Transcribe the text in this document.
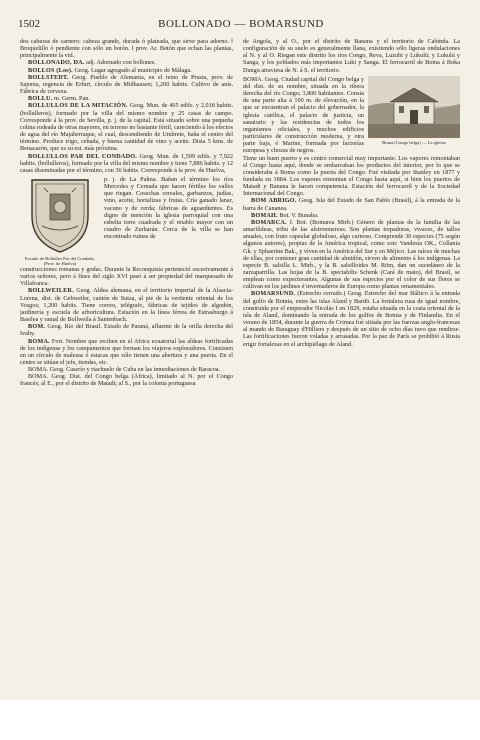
1502	BOLLONADO — BOMARSUND

dos cabezas de carnero: cabeza grande, dorada ó plateada, que sirve para adorno. ‖ Broquelillo ó pendiente con sólo un botón. ‖ prov. Ar. Botón que echan las plantas, principalmente la vid.

BOLLONADO, DA. adj. Adornado con bollones.

BOLLOS (Los). Geog. Lugar agregado al municipio de Málaga.

BOLLSTEDT. Geog. Pueblo de Alemania, en el reino de Prusia, prov. de Sajonia, regencia de Erfurt, círculo de Mülhausen; 1,200 habits. Cultivo de anís. Fábrica de cerveza.

BOLLU. m. Germ. Pan.

BOLLULLOS DE LA MITACIÓN. Geog. Mun. de 405 edifs. y 2,018 habits. (bollulleros), formado por la villa del mismo nombre y 25 casas de campo. Corresponde á la prov. de Sevilla, p. j. de la capital. Está situado sobre una pequeña colina rodeada de otras mayores, en terreno no bastante fértil, careciendo á los efectos de agua del río Majaberraque, el cual, descendiendo de Umbrete, baña el centro del término. Produce trigo, cebada, y buena cantidad de vino y aceite. Dista 5 kms. de Benacazón, que es su est. más próxima.

BOLLULLOS PAR DEL CONDADO. Geog. Mun. de 1,599 edifs. y 7,922 habits. (bollulleros), formado por la villa del mismo nombre y tiene 7,886 habits. y 12 casas diseminadas por el término, con 36 habits. Corresponde á la prov. de Huelva,

Escudo de Bollullos Par del Condado. (Prov. de Huelva)
p. j. de La Palma. Bañan el término los ríos Mercedes y Cernada que hacen fértiles los valles que riegan. Cosechas cereales, garbanzos, judías, vino, aceite, hortalizas y frutas. Cría ganado lanar, vacuno y de cerda; fábricas de aguardientes. Es digno de mención la iglesia parroquial con una esbelta torre cuadrada y el retablo mayor con un cuadro de Zurbarán. Cerca de la villa se han encontrado ruinas de

construcciones romanas y godas. Durante la Reconquista perteneció sucesivamente á varios señores, pero á fines del siglo XVI pasó á ser propiedad del marquesado de Villafranca.

BOLLWEILER. Geog. Aldea alemana, en el territorio imperial de la Alsacia-Lorena, dist. de Gebweiler, cantón de Suiza, al pie de la vertiente oriental de los Vosgos; 1,200 habits. Tiene correo, telégrafo, fábricas de tejidos de algodón, jardinería y escuela de arboricultura. Estación en la línea férrea de Estrasburgo á Basilea y ramal de Bollweila á Santenbach.

BOM. Geog. Río del Brasil. Estado de Paraná, afluente de la orilla derecha del Ivahy.

BOMA. Fort. Nombre que reciben en el Africa ecuatorial las aldeas fortificadas de los indígenas y los campamentos que forman los viajeros exploradores. Consisten en un círculo de malezas ó estacas que sólo tienen una abertura y una puerta. En el centro se sitúan el jefe, tiendas, etc.

BOMA. Geog. Caserío y riachuelo de Cuba en las inmediaciones de Baracoa.

BOMA. Geog. Dist. del Congo belga (Africa), limitado al N. por el Congo francés; al E., por el distrito de Matadi; al S., por la colonia portuguesa

de Angola, y al O., por el distrito de Banana y el territorio de Cabinda. La configuración de su suelo es generalmente llana, existiendo sólo ligeras ondulaciones al N. y al O. Riegan este distrito los ríos Congo, Reva, Luzubi y Lukulú; y Lukulú y Sanga, y los poblados más importantes Luki y Sanga. El ferrocarril de Boma á Boka Dungu atraviesa de N. á S. el territorio.

BOMA. Geog. Ciudad capital del Congo belga y del dist. de su nombre, situada en la ribera derecha del río Congo; 3,800 habitantes. Consta de una parte alta á 100 m. de elevación, en la que se encuentran el palacio del gobernador, la iglesia católica, el palacio de justicia, un sanatorio y las residencias de todos los organismos oficiales, y muchos edificios particulares de construcción moderna, y otra parte baja, ó Marine, formada por factorías europeas y chozas de negros.
Boma (Congo belga) — La iglesia

Tiene un buen puerto y es centro comercial muy importante. Los vapores remontaban el Congo hasta aquí, donde se embarcaban los productos del interior, por lo que se consideraba á Boma como la puerta del Congo. Fué visitada por Stanley en 1877 y fundada en 1884. Los vapores remontan el Congo hasta aquí, si bien los puertos de Matadi y Banana le hacen competencia. Estación del ferrocarril y de la Sociedad Internacional del Congo.

BOM ABRIGO. Geog. Isla del Estado de San Pablo (Brasil), á la entrada de la barra de Cananea.

BOMAH. Bot. V. Bunaba.

BOMARCA. f. Bot. (Bomarea Mirb.) Género de plantas de la familia de las amarilídeas, tribu de las alstroemereas. Son plantas trepadoras, vivaces, de tallos anuales, con fruto capsular globuloso, algo carnoso. Comprende 30 especies (75 según algunos autores), propias de la América tropical, como son: Vandesia OK., Collania Gk. y Sphaerine Bak., y viven en la América del Sur y en Méjico. Las raíces de muchas de ellas, por contener gran cantidad de almidón, sirven de alimento á los indígenas. La especie B. salsilla L. Mirb., y la B. salsilloides M. Röm, dan un sucedáneo de la zarzaparrilla. Las hojas de la B. spectabilis Schenk (Cará de mato), del Brasil, se emplean como expectorantes. Algunas de sus especies por el color de sus flores se cultivan en los jardines é invernaderos de Europa como plantas ornamentales.

BOMARSUND. (Estrecho cerrado.) Geog. Estrecho del mar Báltico á la entrada del golfo de Botnia, entre las islas Aland y Bardö. La fortaleza rusa de igual nombre, construida por el emperador Nicolás I en 1829, estaba situada en la costa oriental de la isla de Aland, dominando la entrada de los golfos de Botnia y de Finlandia. En el verano de 1854, durante la guerra de Crimea fué sitiada por las fuerzas anglo-francesas al mando de Baraguay d'Hilliers y después de un sitio de ocho días tuvo que rendirse. Las fortificaciones fueron voladas y arrasadas. Por la paz de París se prohibió á Rusia erigir fortalezas en el archipiélago de Aland.
